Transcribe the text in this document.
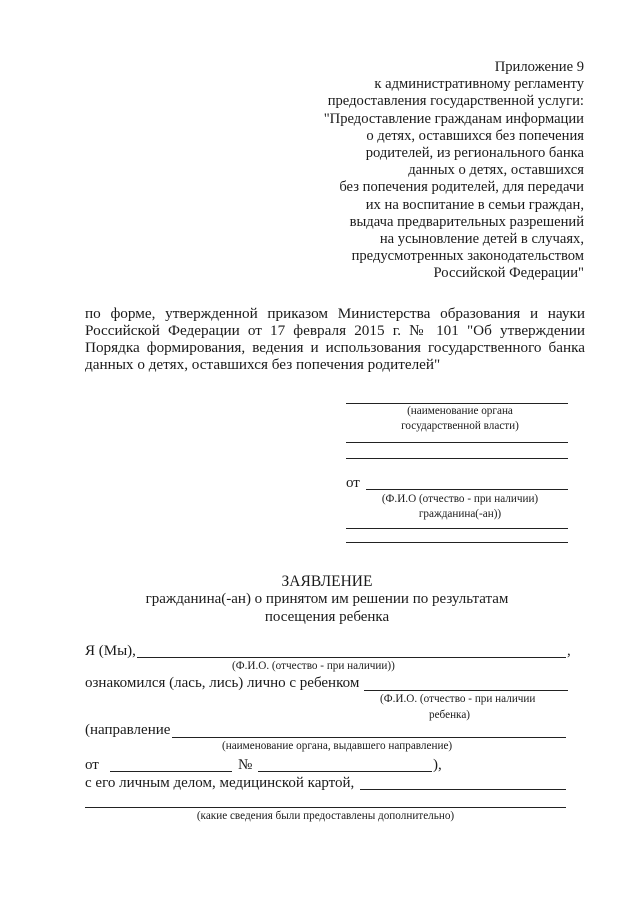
Приложение 9
к административному регламенту
предоставления государственной услуги:
"Предоставление гражданам информации
о детях, оставшихся без попечения
родителей, из регионального банка
данных о детях, оставшихся
без попечения родителей, для передачи
их на воспитание в семьи граждан,
выдача предварительных разрешений
на усыновление детей в случаях,
предусмотренных законодательством
Российской Федерации"
по форме, утвержденной приказом Министерства образования и науки
Российской Федерации от 17 февраля 2015 г. № 101 "Об утверждении
Порядка формирования, ведения и использования государственного банка
данных о детях, оставшихся без попечения родителей"
(наименование органа
государственной власти)
от
(Ф.И.О (отчество - при наличии)
гражданина(-ан))
ЗАЯВЛЕНИЕ
гражданина(-ан) о принятом им решении по результатам
посещения ребенка
Я (Мы),	,
(Ф.И.О. (отчество - при наличии))
ознакомился (лась, лись) лично с ребенком
(Ф.И.О. (отчество - при наличии
ребенка)
(направление
(наименование органа, выдавшего направление)
от	№	),
с его личным делом, медицинской картой,
(какие сведения были предоставлены дополнительно)
